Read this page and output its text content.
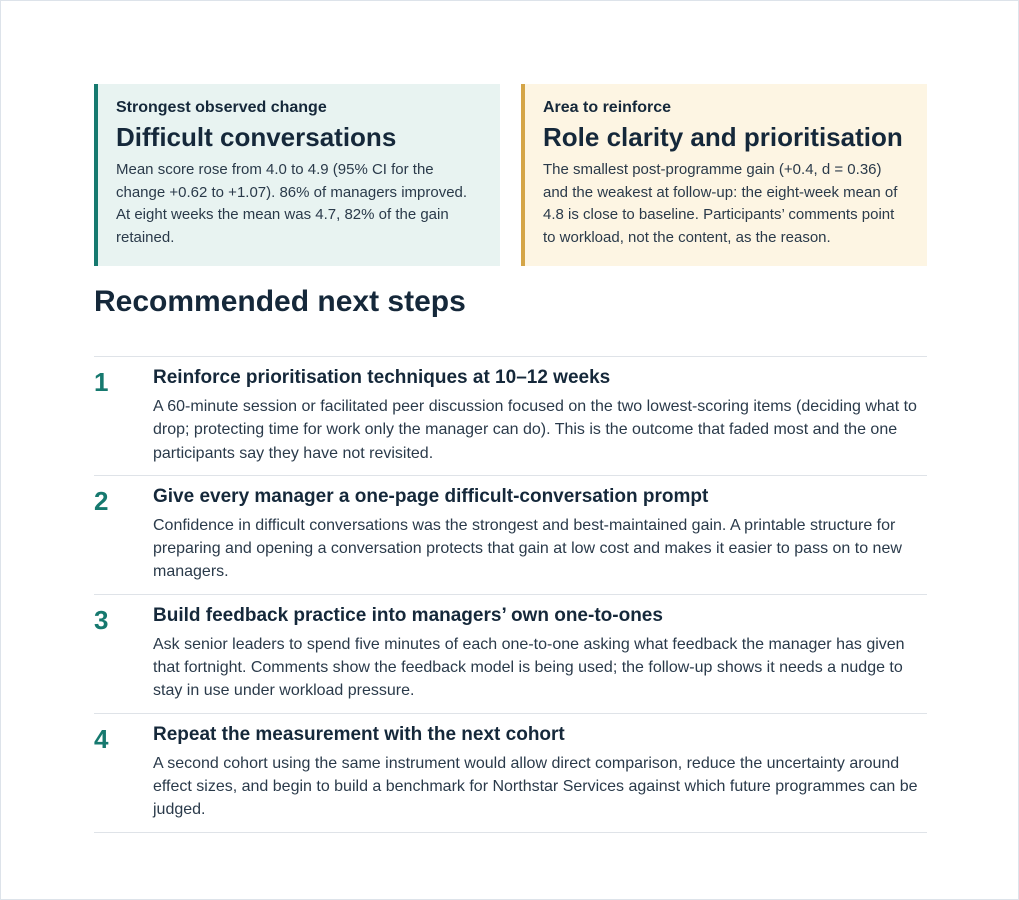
Strongest observed change
Difficult conversations

Mean score rose from 4.0 to 4.9 (95% CI for the change +0.62 to +1.07). 86% of managers improved. At eight weeks the mean was 4.7, 82% of the gain retained.

Area to reinforce
Role clarity and prioritisation

The smallest post-programme gain (+0.4, d = 0.36) and the weakest at follow-up: the eight-week mean of 4.8 is close to baseline. Participants’ comments point to workload, not the content, as the reason.

Recommended next steps
1	Reinforce prioritisation techniques at 10–12 weeks

A 60-minute session or facilitated peer discussion focused on the two lowest-scoring items (deciding what to drop; protecting time for work only the manager can do). This is the outcome that faded most and the one participants say they have not revisited.

2	Give every manager a one-page difficult-conversation prompt

Confidence in difficult conversations was the strongest and best-maintained gain. A printable structure for preparing and opening a conversation protects that gain at low cost and makes it easier to pass on to new managers.

3	Build feedback practice into managers’ own one-to-ones

Ask senior leaders to spend five minutes of each one-to-one asking what feedback the manager has given that fortnight. Comments show the feedback model is being used; the follow-up shows it needs a nudge to stay in use under workload pressure.

4	Repeat the measurement with the next cohort

A second cohort using the same instrument would allow direct comparison, reduce the uncertainty around effect sizes, and begin to build a benchmark for Northstar Services against which future programmes can be judged.
